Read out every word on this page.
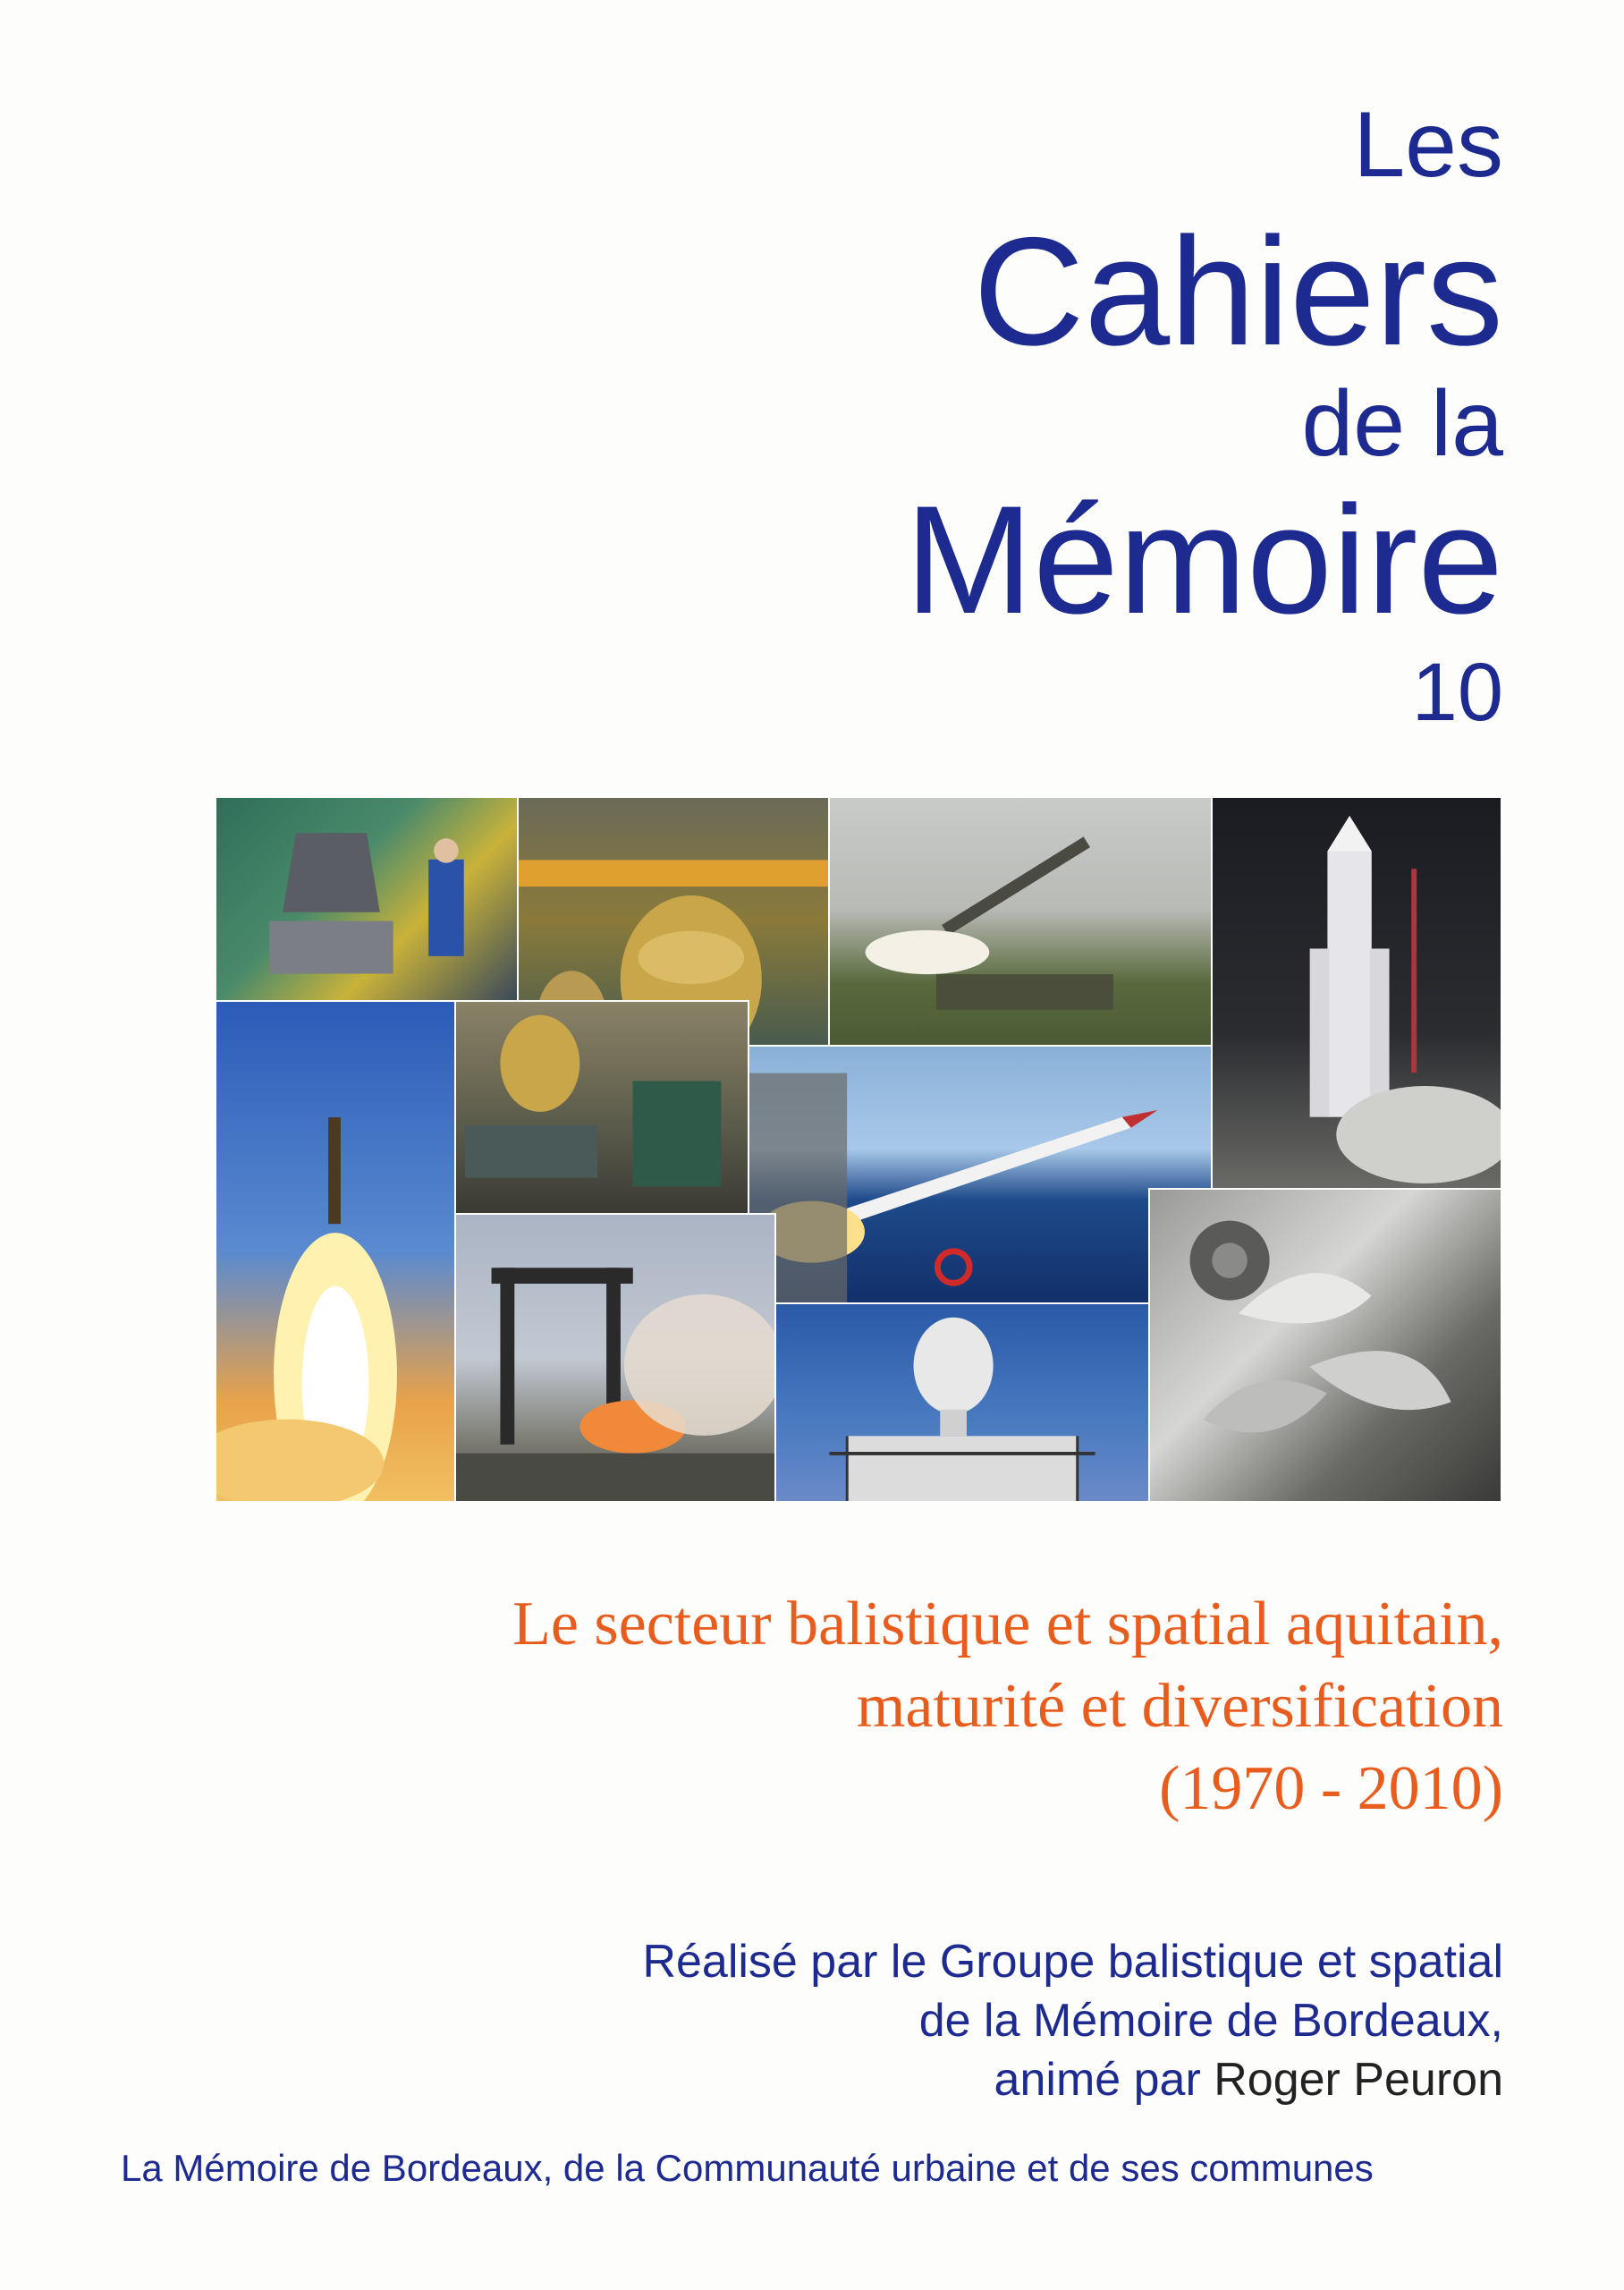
Les
Cahiers
de la
Mémoire
10
Le secteur balistique et spatial aquitain,
maturité et diversification
(1970 - 2010)
Réalisé par le Groupe balistique et spatial
de la Mémoire de Bordeaux,
animé par Roger Peuron
La Mémoire de Bordeaux, de la Communauté urbaine et de ses communes
